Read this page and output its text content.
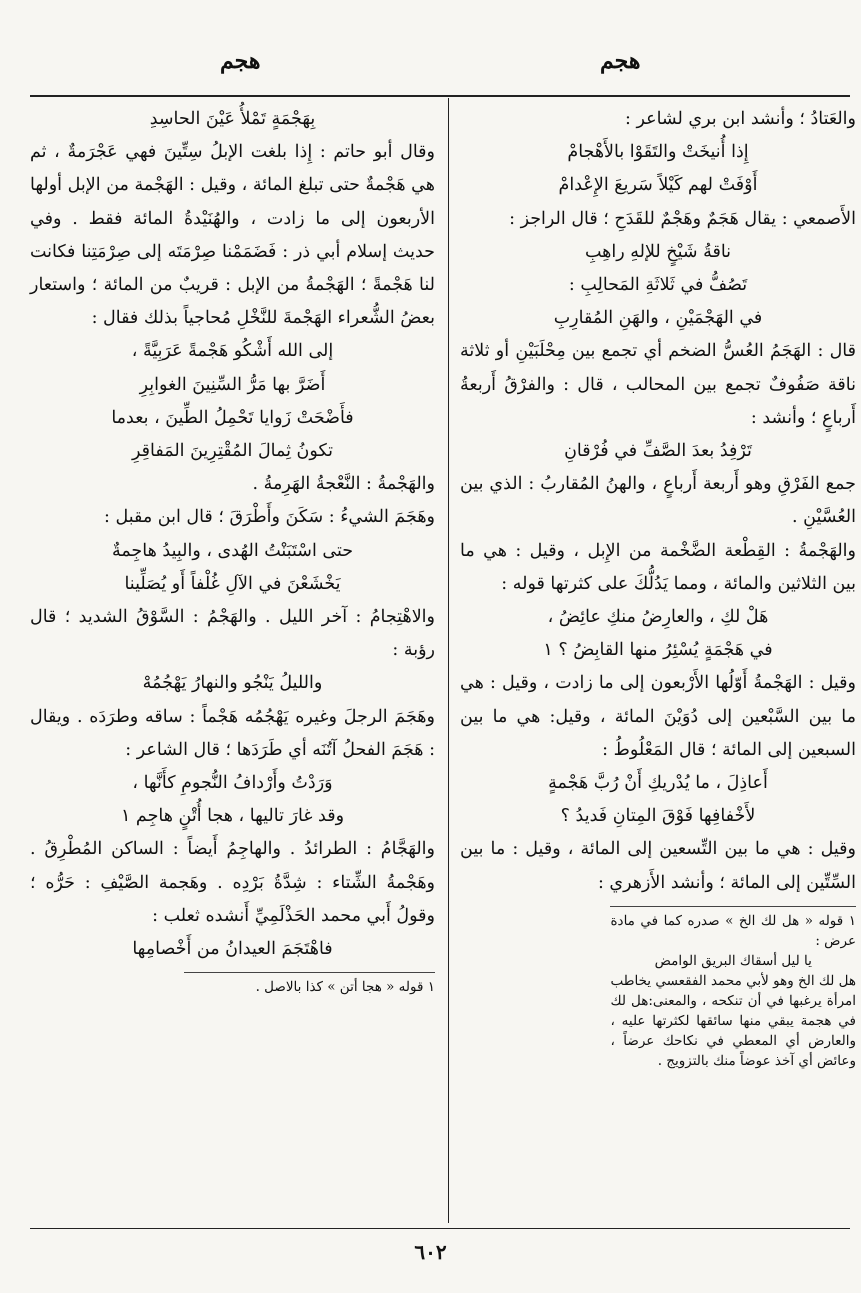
هجم
هجم

والعَتادُ ؛ وأنشد ابن بري لشاعر :

إِذا أُنيخَتْ والتَقَوْا بالأَهْجامْ

أَوْفَتْ لهم كَيْلاً سَريعَ الإِعْدامْ

الأَصمعي : يقال هَجَمٌ وهَجْمٌ للقَدَحِ ؛ قال الراجز :

ناقةُ شَيْخٍ للإلهِ راهِبِ

تَصُفُّ في ثَلاثَةِ المَحالِبِ :

في الهَجْمَيْنِ ، والهَنِ المُقارِبِ

قال : الهَجَمُ العُسُّ الضخم أي تجمع بين مِحْلَبَيْنِ أو ثلاثة ناقة صَفُوفٌ تجمع بين المحالب ، قال : والفرْقُ أَربعةُ أَرباعٍ ؛ وأنشد :

تَرْفِدُ بعدَ الصَّفِّ في فُرْقانِ

جمع الفَرْقِ وهو أَربعة أَرباعٍ ، والهنُ المُقاربُ : الذي بين العُسَّيْنِ .

والهَجْمةُ : القِطْعة الضَّخْمة من الإِبل ، وقيل : هي ما بين الثلاثين والمائة ، ومما يَدُلُّكَ على كثرتها قوله :

هَلْ لكِ ، والعارِضُ منكِ عائِضُ ،

في هَجْمَةٍ يُسْئِرُ منها القابِضُ ؟ ١

وقيل : الهَجْمةُ أَوّلُها الأَرْبعون إلى ما زادت ، وقيل : هي ما بين السَّبْعين إلى دُوَيْنَ المائة ، وقيل: هي ما بين السبعين إلى المائة ؛ قال المَعْلُوطُ :

أَعاذِلَ ، ما يُدْريكِ أَنْ رُبَّ هَجْمةٍ

لأَخْفافِها فَوْقَ المِتانِ فَديدُ ؟

وقيل : هي ما بين التِّسعين إلى المائة ، وقيل : ما بين السِّتِّين إلى المائة ؛ وأنشد الأَزهري :

١ قوله « هل لك الخ » صدره كما في مادة عرض :

يا ليل أسقاك البريق الوامض

هل لك الخ وهو لأبي محمد الفقعسي يخاطب امرأة يرغبها في أن تنكحه ، والمعنى:هل لك في هجمة يبقي منها سائقها لكثرتها عليه ، والعارض أي المعطي في نكاحك عرضاً ، وعائض أي آخذ عوضاً منك بالتزويج .

بِهَجْمَةٍ تَمْلأُ عَيْنَ الحاسِدِ

وقال أبو حاتم : إِذا بلغت الإبلُ سِتِّينَ فهي عَجْرَمةٌ ، ثم هي هَجْمةٌ حتى تبلغ المائة ، وقيل : الهَجْمة من الإبل أولها الأربعون إلى ما زادت ، والهُنَيْدةُ المائة فقط . وفي حديث إسلام أبي ذر : فَضَمَمْنا صِرْمَتَه إلى صِرْمَتِنا فكانت لنا هَجْمةً ؛ الهَجْمةُ من الإبل : قريبٌ من المائة ؛ واستعار بعضُ الشُّعراء الهَجْمةَ للنَّخْلِ مُحاجياً بذلك فقال :

إلى الله أَشْكُو هَجْمةً عَرَبِيَّةً ،

أَضَرَّ بها مَرُّ السِّنِينَ الغوابِرِ

فأَضْحَتْ زَوايا تَحْمِلُ الطِّينَ ، بعدما

تكونُ ثِمالَ المُقْتِرِينَ المَفاقِرِ

والهَجْمةُ : النَّعْجةُ الهَرِمةُ .

وهَجَمَ الشيءُ : سَكَنَ وأَطْرَقَ ؛ قال ابن مقبل :

حتى اسْتَبَنْتُ الهُدى ، والبِيدُ هاجِمةٌ

يَخْشَعْنَ في الآلِ غُلْفاً أَو يُصَلِّينا

والاهْتِجامُ : آخر الليل . والهَجْمُ : السَّوْقُ الشديد ؛ قال رؤبة :

والليلُ يَنْجُو والنهارُ يَهْجُمُهْ

وهَجَمَ الرجلَ وغيره يَهْجُمُه هَجْماً : ساقه وطرَدَه . ويقال : هَجَمَ الفحلُ آتُنَه أي طَرَدَها ؛ قال الشاعر :

وَرَدْتُ وأَرْدافُ النُّجومِ كأَنَّها ،

وقد غارَ تاليها ، هجا أُتْنٍ هاجِم ١

والهَجَّامُ : الطرائدُ . والهاجِمُ أَيضاً : الساكن المُطْرِقُ . وهَجْمةُ الشِّتاء : شِدَّةُ بَرْدِه . وهَجمة الصَّيْفِ : حَرُّه ؛ وقولُ أَبي محمد الحَذْلَمِيِّ أَنشده ثعلب :

فاهْتَجَمَ العيدانُ من أَخْصامِها

١ قوله « هجا أتن » كذا بالاصل .

٦٠٢
